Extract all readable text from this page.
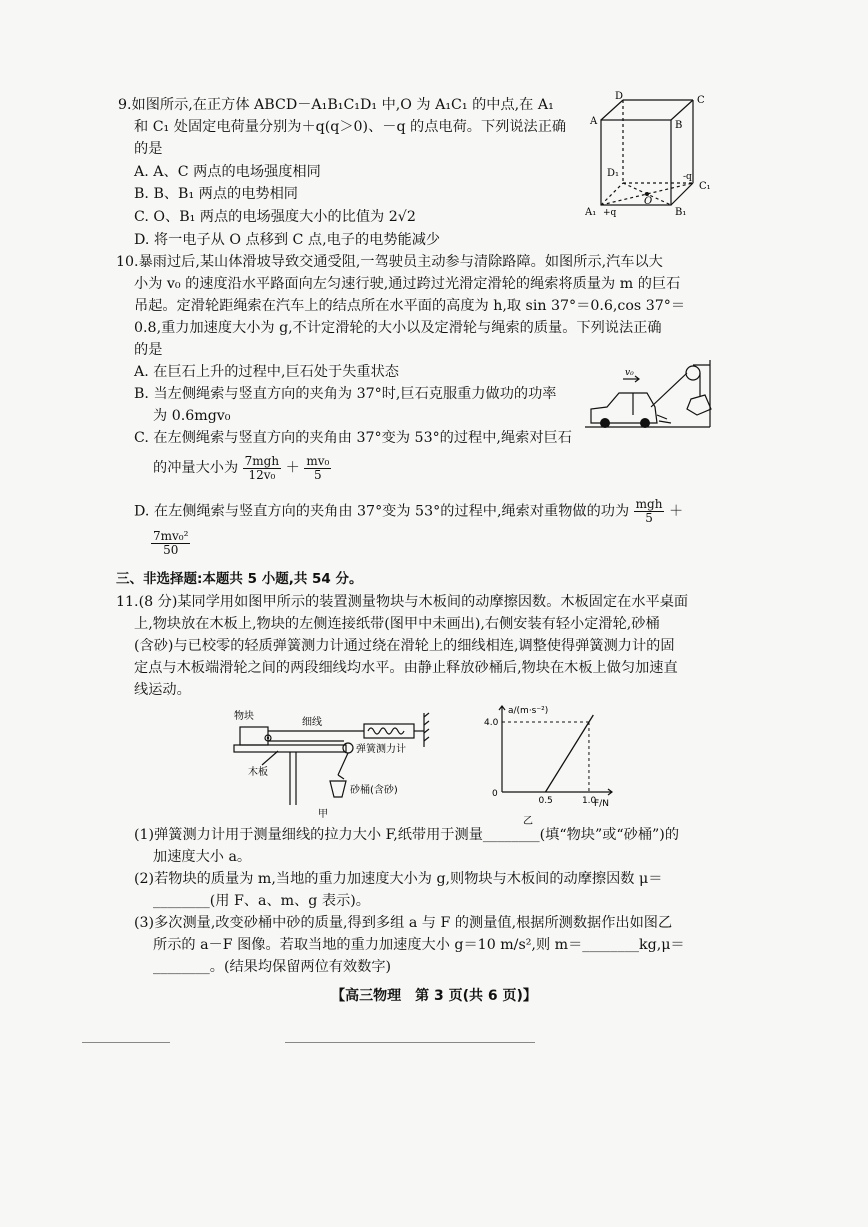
9.如图所示,在正方体 ABCD－A₁B₁C₁D₁ 中,O 为 A₁C₁ 的中点,在 A₁
和 C₁ 处固定电荷量分别为＋q(q＞0)、－q 的点电荷。下列说法正确
的是
A. A、C 两点的电场强度相同
B. B、B₁ 两点的电势相同
C. O、B₁ 两点的电场强度大小的比值为 2√2
D. 将一电子从 O 点移到 C 点,电子的电势能减少
D	C
A	B
D₁
C₁
A₁	B₁
O
+q
-q
10.暴雨过后,某山体滑坡导致交通受阻,一驾驶员主动参与清除路障。如图所示,汽车以大
小为 v₀ 的速度沿水平路面向左匀速行驶,通过跨过光滑定滑轮的绳索将质量为 m 的巨石
吊起。定滑轮距绳索在汽车上的结点所在水平面的高度为 h,取 sin 37°＝0.6,cos 37°＝
0.8,重力加速度大小为 g,不计定滑轮的大小以及定滑轮与绳索的质量。下列说法正确
的是
A. 在巨石上升的过程中,巨石处于失重状态
B. 当左侧绳索与竖直方向的夹角为 37°时,巨石克服重力做功的功率
为 0.6mgv₀
C. 在左侧绳索与竖直方向的夹角由 37°变为 53°的过程中,绳索对巨石
的冲量大小为 $\frac{\text{7mgh}}{\text{12v₀}} + \frac{\text{mv₀}}{5}$
D. 在左侧绳索与竖直方向的夹角由 37°变为 53°的过程中,绳索对重物做的功为 $\frac{\text{mgh}}{5}$ ＋
$\frac{\text{7mv₀²}}{50}$
v₀
三、非选择题:本题共 5 小题,共 54 分。
11.(8 分)某同学用如图甲所示的装置测量物块与木板间的动摩擦因数。木板固定在水平桌面
上,物块放在木板上,物块的左侧连接纸带(图甲中未画出),右侧安装有轻小定滑轮,砂桶
(含砂)与已校零的轻质弹簧测力计通过绕在滑轮上的细线相连,调整使得弹簧测力计的固
定点与木板端滑轮之间的两段细线均水平。由静止释放砂桶后,物块在木板上做匀加速直
线运动。
物块
细线
弹簧测力计
木板
砂桶(含砂)
甲
0.5	1.0
4.0
a/(m·s⁻²)
F/N
0
乙
(1)弹簧测力计用于测量细线的拉力大小 F,纸带用于测量________(填“物块”或“砂桶”)的
加速度大小 a。
(2)若物块的质量为 m,当地的重力加速度大小为 g,则物块与木板间的动摩擦因数 μ＝
________(用 F、a、m、g 表示)。
(3)多次测量,改变砂桶中砂的质量,得到多组 a 与 F 的测量值,根据所测数据作出如图乙
所示的 a－F 图像。若取当地的重力加速度大小 g＝10 m/s²,则 m＝________kg,μ＝
________。(结果均保留两位有效数字)
【高三物理　第 3 页(共 6 页)】
